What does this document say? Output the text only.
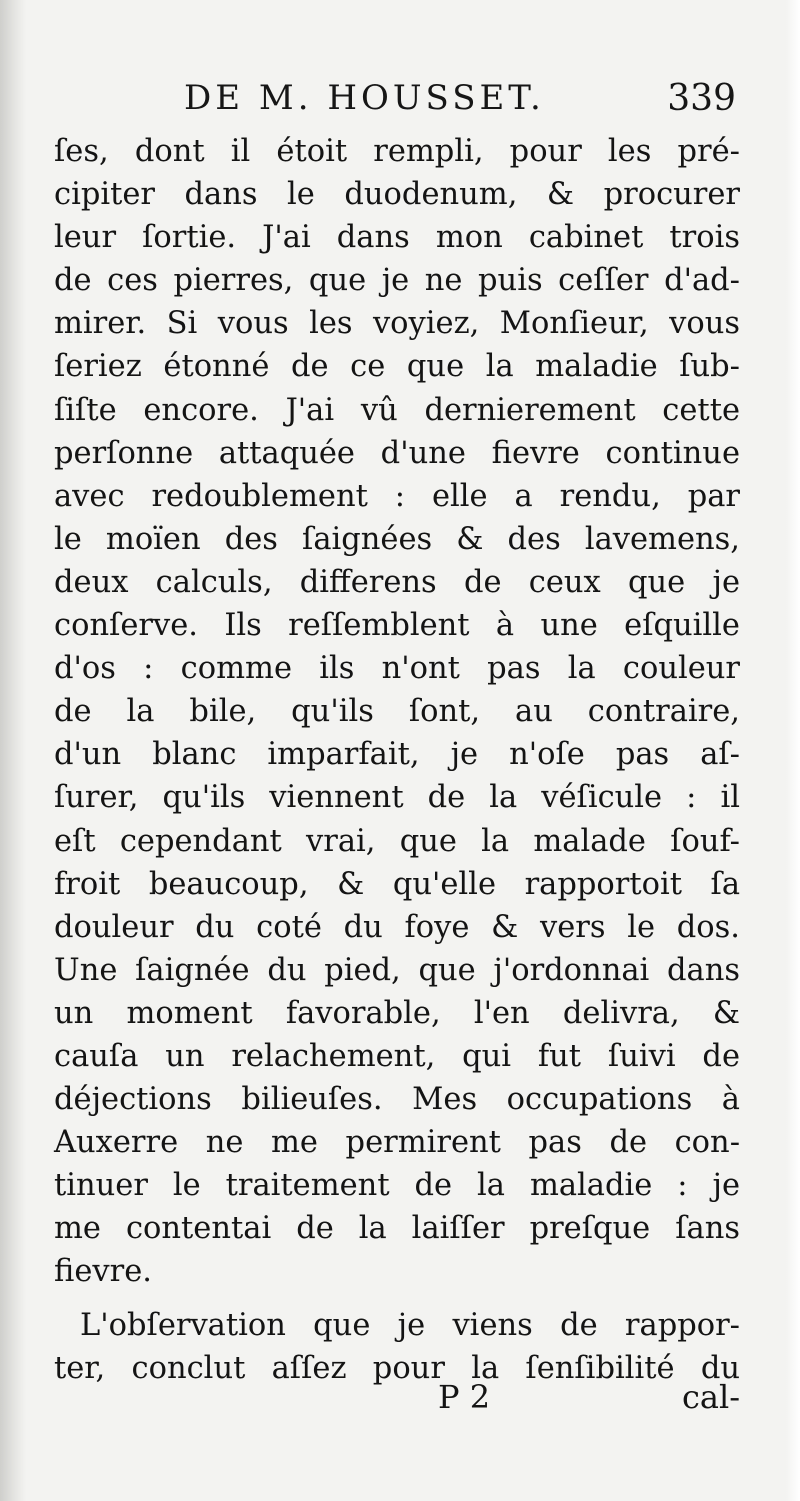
DE M. HOUSSET.	339
ſes, dont il étoit rempli, pour les pré-
cipiter dans le duodenum, & procurer
leur ſortie. J'ai dans mon cabinet trois
de ces pierres, que je ne puis ceſſer d'ad-
mirer. Si vous les voyiez, Monſieur, vous
ſeriez étonné de ce que la maladie ſub-
ſiſte encore. J'ai vû dernierement cette
perſonne attaquée d'une fievre continue
avec redoublement : elle a rendu, par
le moïen des ſaignées & des lavemens,
deux calculs, differens de ceux que je
conſerve. Ils reſſemblent à une eſquille
d'os : comme ils n'ont pas la couleur
de la bile, qu'ils ſont, au contraire,
d'un blanc imparfait, je n'oſe pas aſ-
ſurer, qu'ils viennent de la véſicule : il
eſt cependant vrai, que la malade ſouf-
froit beaucoup, & qu'elle rapportoit ſa
douleur du coté du foye & vers le dos.
Une ſaignée du pied, que j'ordonnai dans
un moment favorable, l'en delivra, &
cauſa un relachement, qui fut ſuivi de
déjections bilieuſes. Mes occupations à
Auxerre ne me permirent pas de con-
tinuer le traitement de la maladie : je
me contentai de la laiſſer preſque ſans
fievre.
L'obſervation que je viens de rappor-
ter, conclut aſſez pour la ſenſibilité du
P 2	cal-
